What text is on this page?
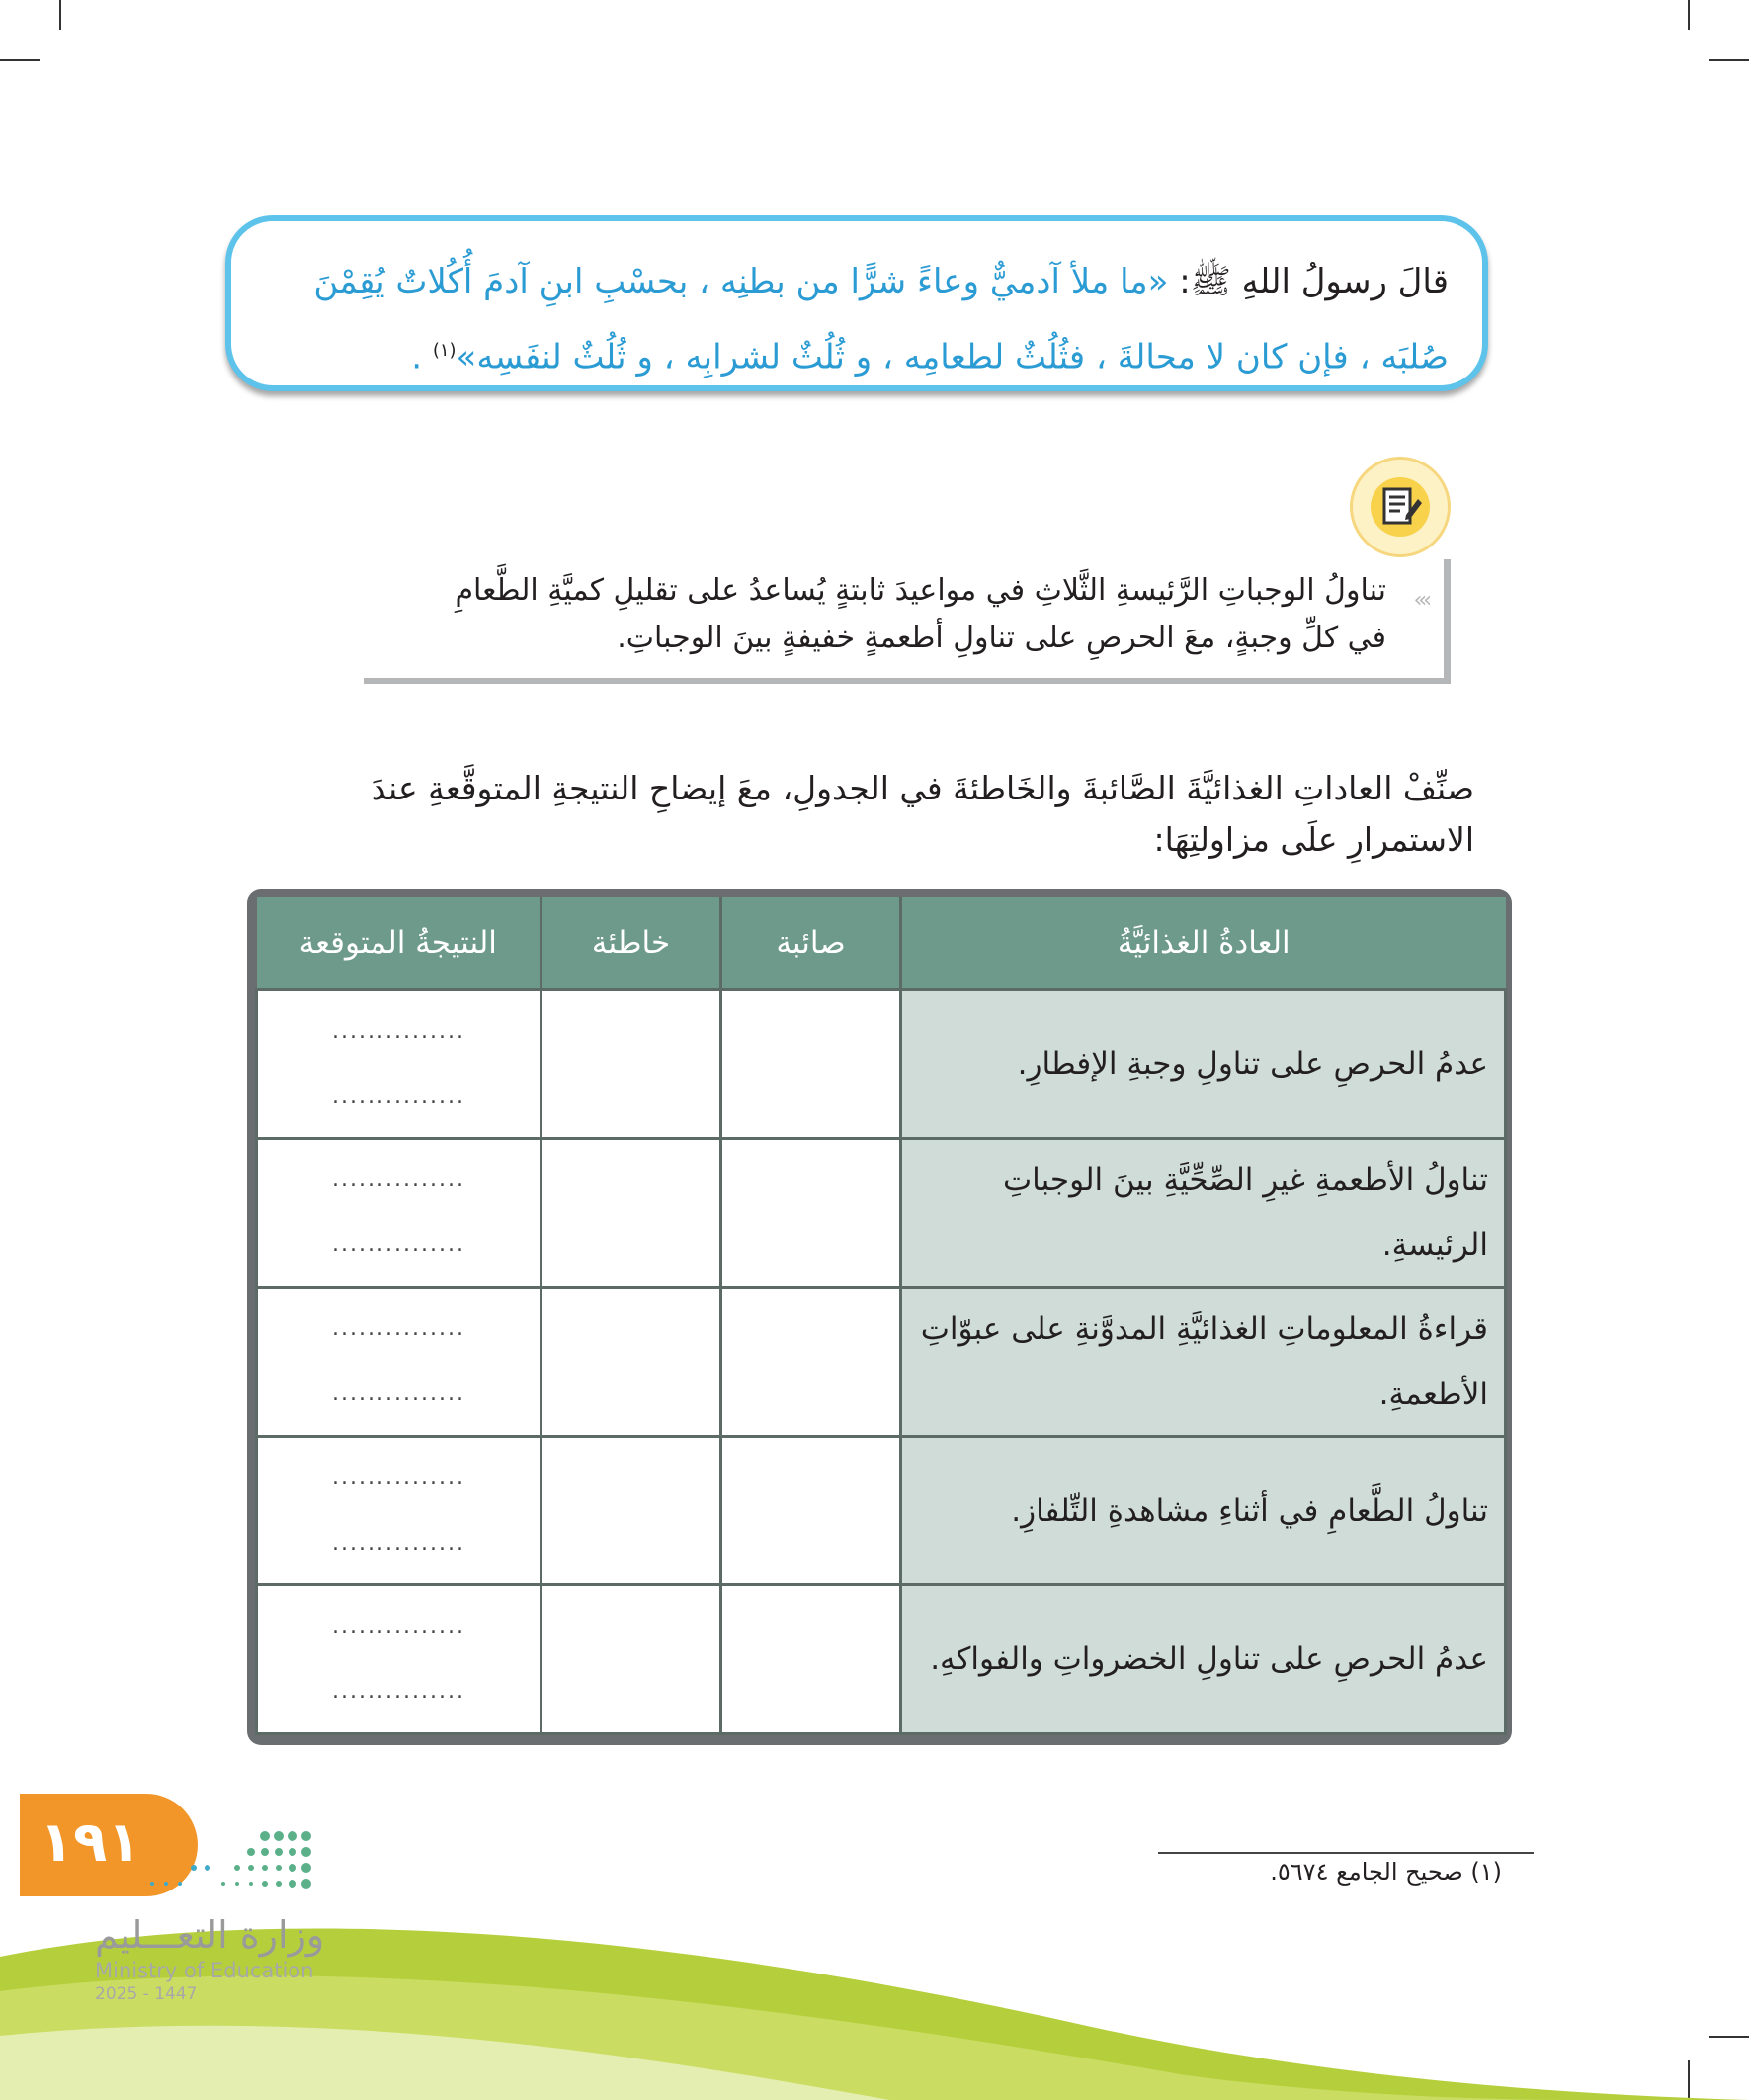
قالَ رسولُ اللهِ ﷺ: «ما ملأ آدميٌّ وعاءً شرًّا من بطنِه ، بحسْبِ ابنِ آدمَ أُكُلاتٌ يُقِمْنَ صُلبَه ، فإن كان لا محالةَ ، فثُلُثٌ لطعامِه ، و ثُلُثٌ لشرابِه ، و ثُلُثٌ لنفَسِه»$^{(١)}$ .
›››
تناولُ الوجباتِ الرَّئيسةِ الثَّلاثِ في مواعيدَ ثابتةٍ يُساعدُ على تقليلِ كميَّةِ الطَّعامِ في كلِّ وجبةٍ، معَ الحرصِ على تناولِ أطعمةٍ خفيفةٍ بينَ الوجباتِ.
صنِّفْ العاداتِ الغذائيَّةَ الصَّائبةَ والخَاطئةَ في الجدولِ، معَ إيضاحِ النتيجةِ المتوقَّعةِ عندَ الاستمرارِ علَى مزاولتِهَا:
العادةُ الغذائيَّةُ	صائبة	خاطئة	النتيجةُ المتوقعة
عدمُ الحرصِ على تناولِ وجبةِ الإفطارِ.			...............
...............

تناولُ الأطعمةِ غيرِ الصِّحِّيَّةِ بينَ الوجباتِ الرئيسةِ.			...............
...............

قراءةُ المعلوماتِ الغذائيَّةِ المدوَّنةِ على عبوّاتِ الأطعمةِ.			...............
...............

تناولُ الطَّعامِ في أثناءِ مشاهدةِ التِّلفازِ.			...............
...............

عدمُ الحرصِ على تناولِ الخضرواتِ والفواكهِ.			...............
...............
(١) صحيح الجامع ٥٦٧٤.
١٩١
وزارة التعـــليم
Ministry of Education
2025 - 1447
